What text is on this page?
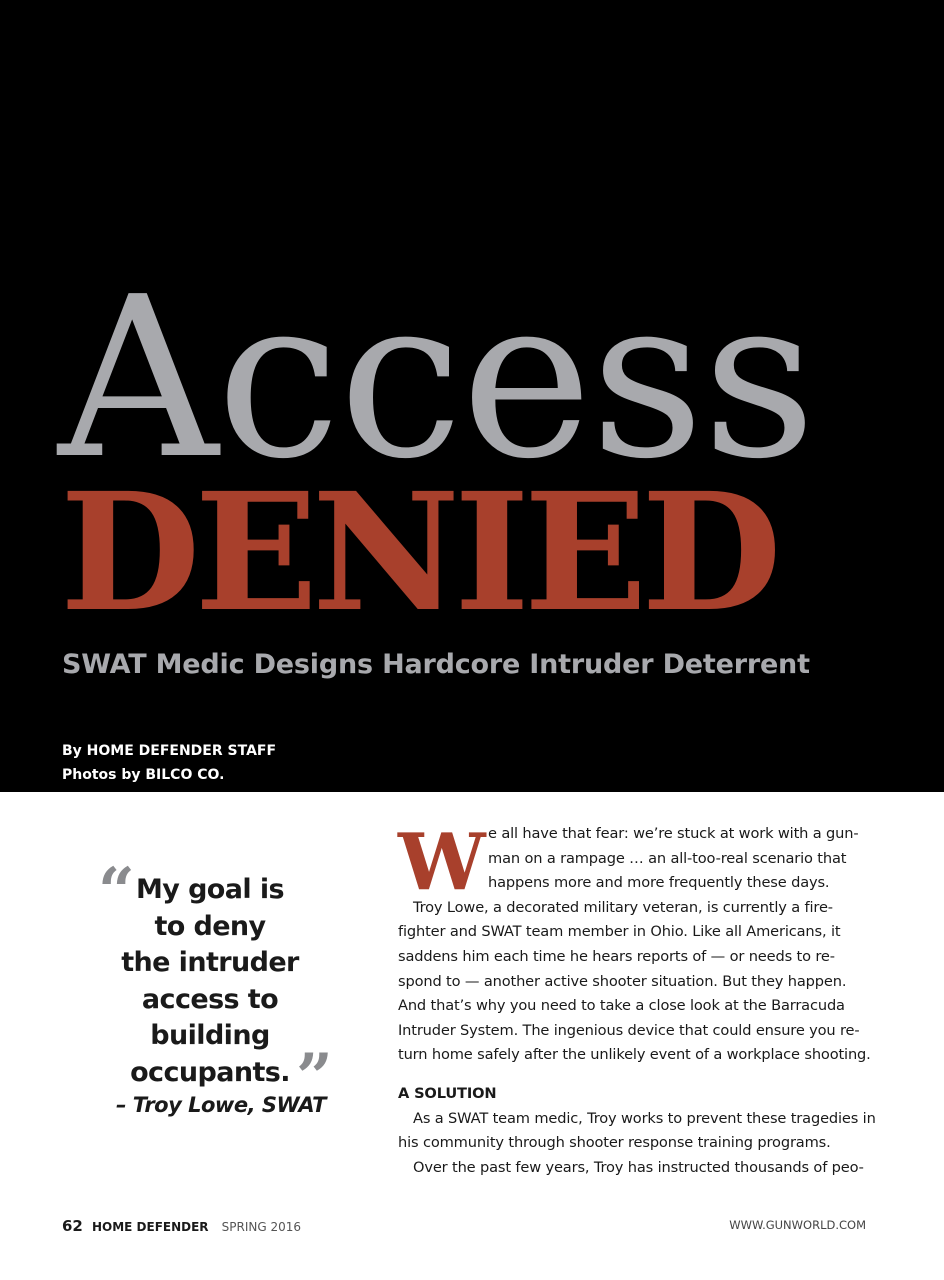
Access
DENIED
SWAT Medic Designs Hardcore Intruder Deterrent
By HOME DEFENDER STAFF
Photos by BILCO CO.
“ My goal is
to deny
the intruder
access to
building
occupants. ”
– Troy Lowe, SWAT
W e all have that fear: we’re stuck at work with a gun-
man on a rampage … an all-too-real scenario that
happens more and more frequently these days.
Troy Lowe, a decorated military veteran, is currently a fire-
fighter and SWAT team member in Ohio. Like all Americans, it
saddens him each time he hears reports of — or needs to re-
spond to — another active shooter situation. But they happen.
And that’s why you need to take a close look at the Barracuda
Intruder System. The ingenious device that could ensure you re-
turn home safely after the unlikely event of a workplace shooting.
A SOLUTION
As a SWAT team medic, Troy works to prevent these tragedies in
his community through shooter response training programs.
Over the past few years, Troy has instructed thousands of peo-
62 HOME DEFENDER SPRING 2016	WWW.GUNWORLD.COM
